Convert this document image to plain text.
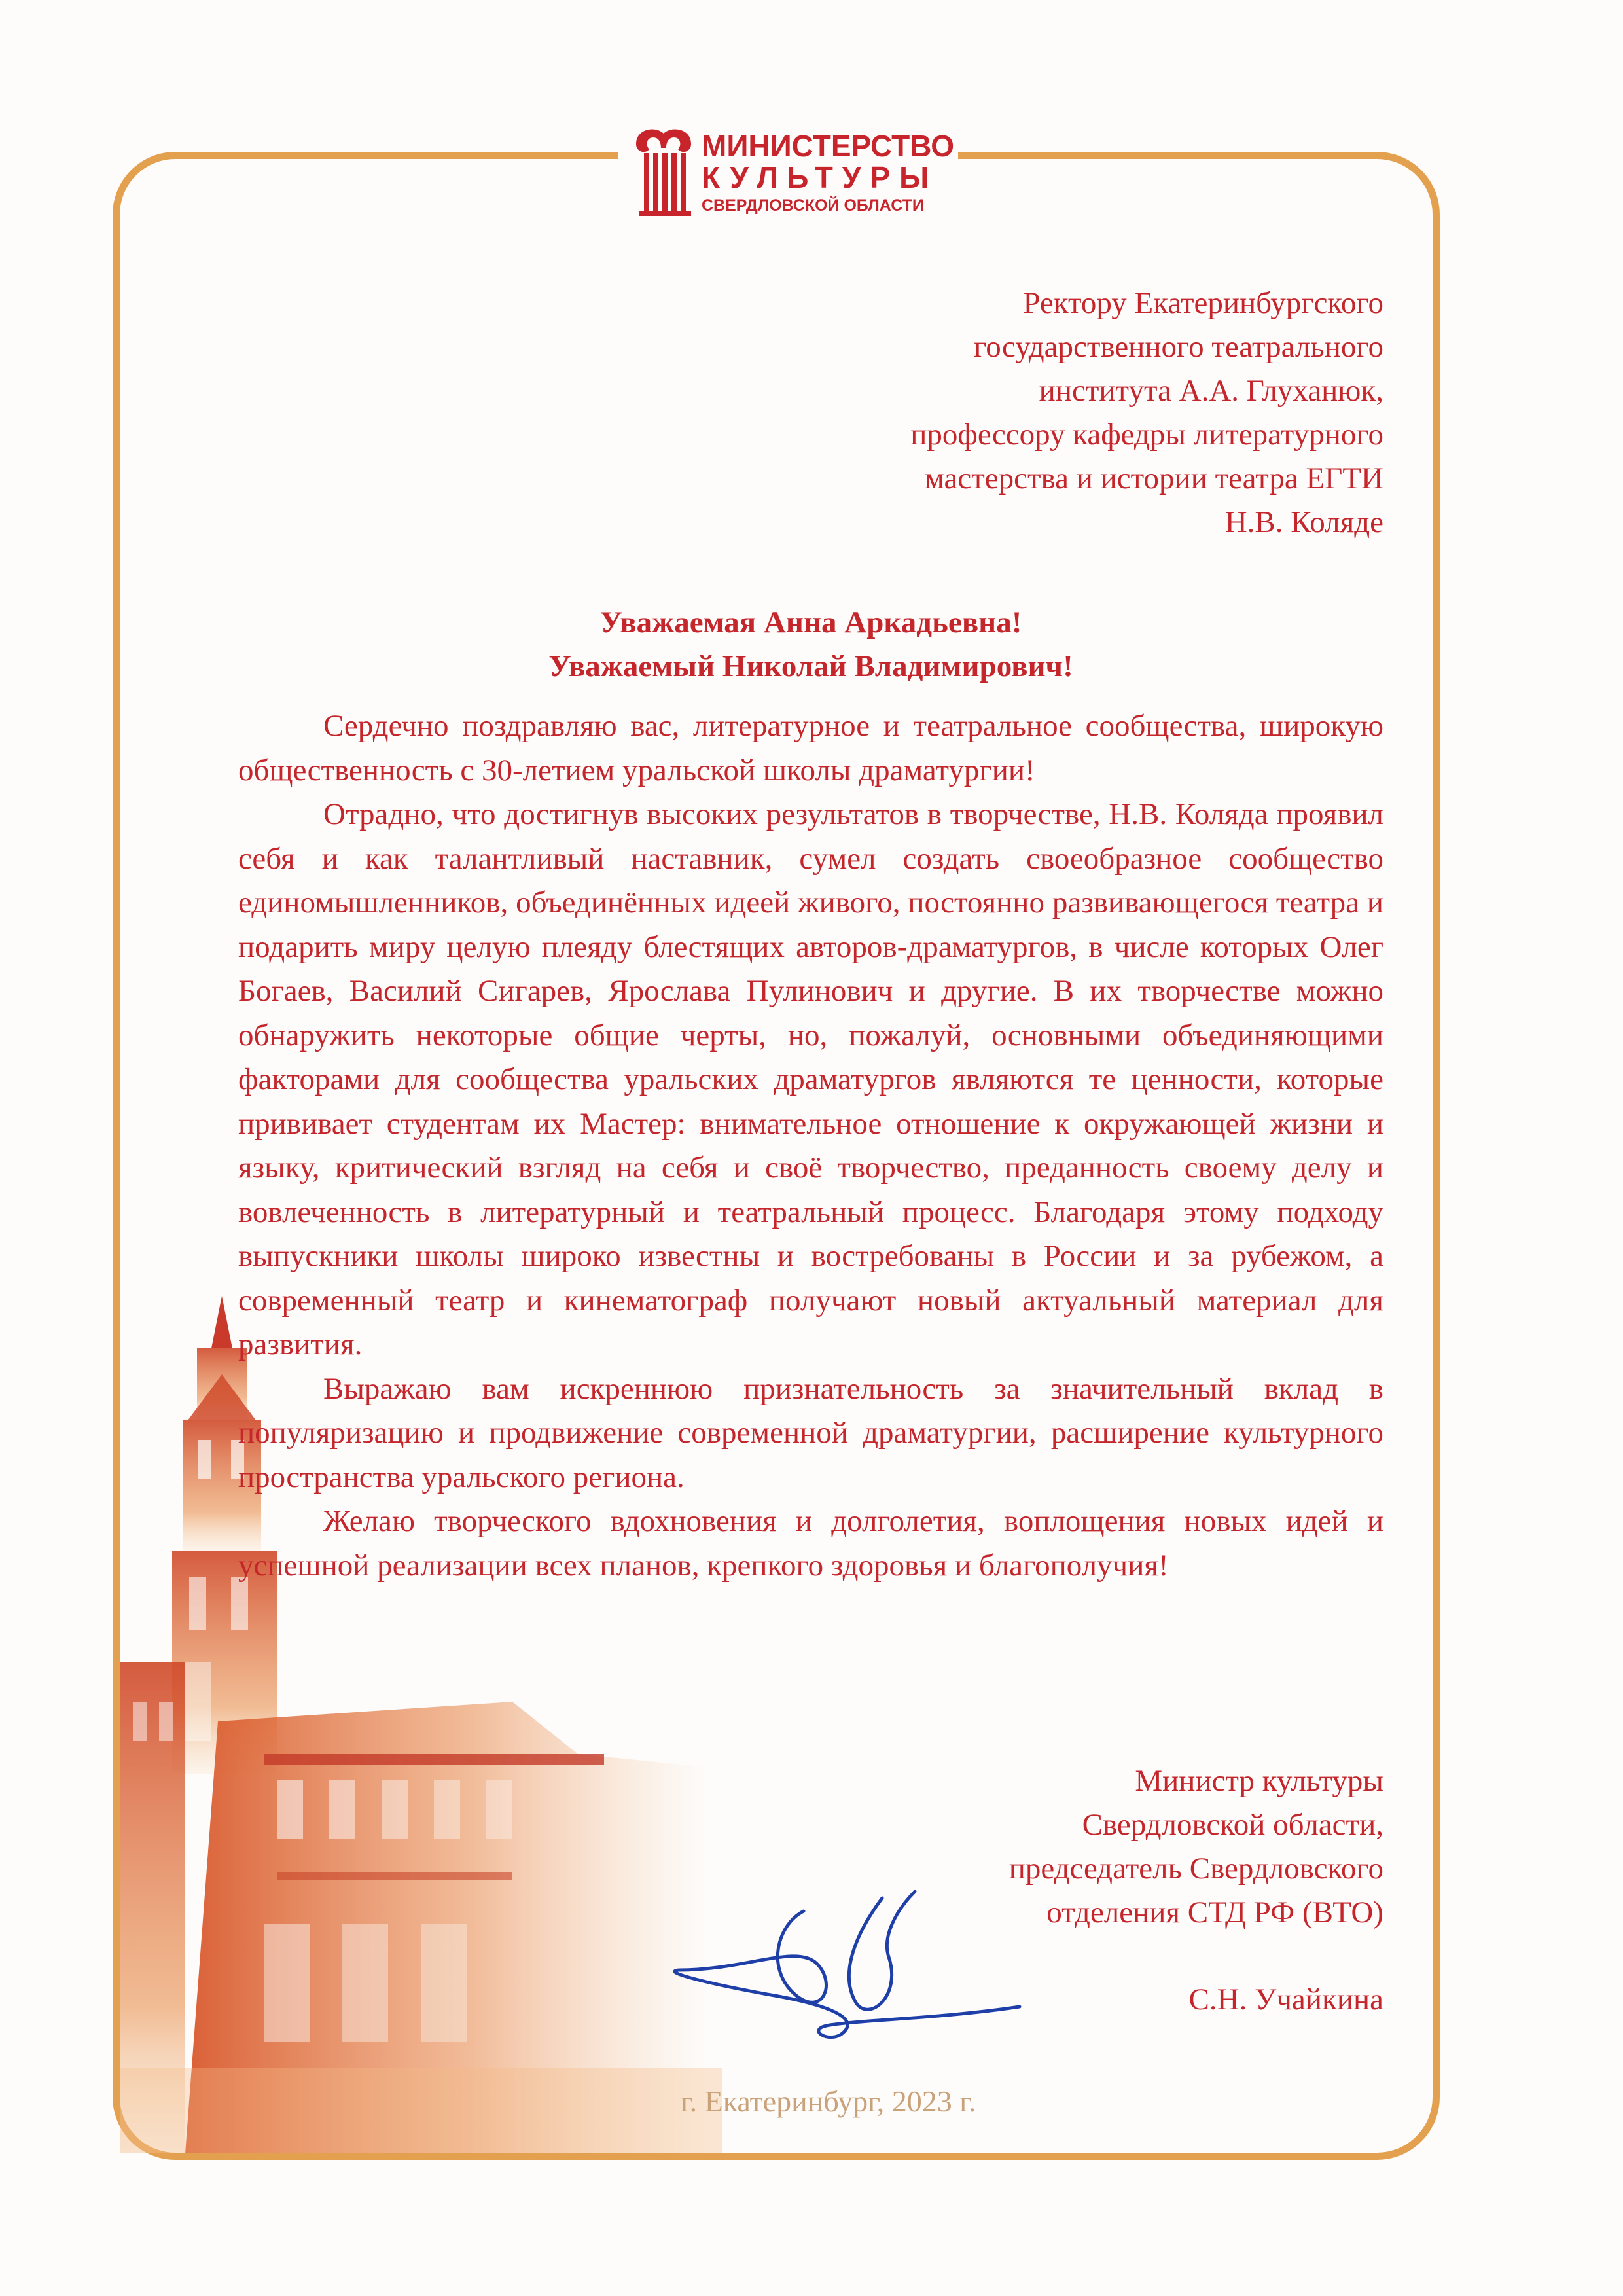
МИНИСТЕРСТВО
КУЛЬТУРЫ
СВЕРДЛОВСКОЙ ОБЛАСТИ
Ректору Екатеринбургского
государственного театрального
института А.А. Глуханюк,
профессору кафедры литературного
мастерства и истории театра ЕГТИ
Н.В. Коляде
Уважаемая Анна Аркадьевна!
Уважаемый Николай Владимирович!

Сердечно поздравляю вас, литературное и театральное сообщества, широкую общественность с 30-летием уральской школы драматургии!

Отрадно, что достигнув высоких результатов в творчестве, Н.В. Коляда проявил себя и как талантливый наставник, сумел создать своеобразное сообщество единомышленников, объединённых идеей живого, постоянно развивающегося театра и подарить миру целую плеяду блестящих авторов-драматургов, в числе которых Олег Богаев, Василий Сигарев, Ярослава Пулинович и другие. В их творчестве можно обнаружить некоторые общие черты, но, пожалуй, основными объединяющими факторами для сообщества уральских драматургов являются те ценности, которые прививает студентам их Мастер: внимательное отношение к окружающей жизни и языку, критический взгляд на себя и своё творчество, преданность своему делу и вовлеченность в литературный и театральный процесс. Благодаря этому подходу выпускники школы широко известны и востребованы в России и за рубежом, а современный театр и кинематограф получают новый актуальный материал для развития.

Выражаю вам искреннюю признательность за значительный вклад в популяризацию и продвижение современной драматургии, расширение культурного пространства уральского региона.

Желаю творческого вдохновения и долголетия, воплощения новых идей и успешной реализации всех планов, крепкого здоровья и благополучия!

Министр культуры
Свердловской области,
председатель Свердловского
отделения СТД РФ (ВТО)
С.Н. Учайкина
г. Екатеринбург, 2023 г.
